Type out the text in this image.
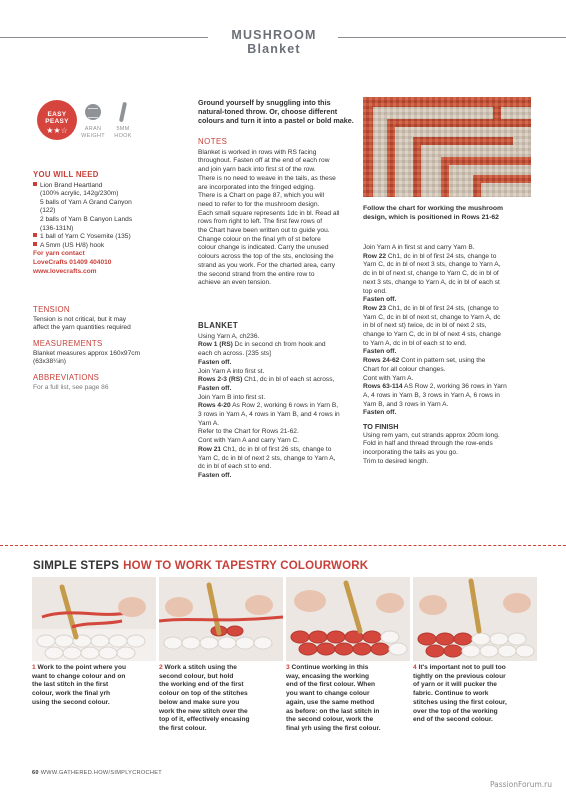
MUSHROOM Blanket
EASY PEASY
★★☆	ARAN
WEIGHT
5MM
HOOK
YOU WILL NEED
Lion Brand Heartland
(100% acrylic, 142g/230m)
5 balls of Yarn A Grand Canyon
(122)
2 balls of Yarn B Canyon Lands
(136-131N)
1 ball of Yarn C Yosemite (135)
A 5mm (US H/8) hook
For yarn contact
LoveCrafts 01409 404010
www.lovecrafts.com
TENSION
Tension is not critical, but it may
affect the yarn quantities required
MEASUREMENTS
Blanket measures approx 160x97cm
(63x38¼in)
ABBREVIATIONS
For a full list, see page 86
Ground yourself by snuggling into this
natural-toned throw. Or, choose different
colours and turn it into a pastel or bold make.
NOTES
Blanket is worked in rows with RS facing
throughout. Fasten off at the end of each row
and join yarn back into first st of the row.
There is no need to weave in the tails, as these
are incorporated into the fringed edging.
There is a Chart on page 87, which you will
need to refer to for the mushroom design.
Each small square represents 1dc in bl. Read all
rows from right to left. The first few rows of
the Chart have been written out to guide you.
Change colour on the final yrh of st before
colour change is indicated. Carry the unused
colours across the top of the sts, enclosing the
strand as you work. For the charted area, carry
the second strand from the entire row to
achieve an even tension.
BLANKET
Using Yarn A, ch236.
Row 1 (RS) Dc in second ch from hook and
each ch across. [235 sts]
Fasten off.
Join Yarn A into first st.
Rows 2-3 (RS) Ch1, dc in bl of each st across,
Fasten off.
Join Yarn B into first st.
Rows 4-20 As Row 2, working 6 rows in Yarn B,
3 rows in Yarn A, 4 rows in Yarn B, and 4 rows in
Yarn A.
Refer to the Chart for Rows 21-62.
Cont with Yarn A and carry Yarn C.
Row 21 Ch1, dc in bl of first 26 sts, change to
Yarn C, dc in bl of next 2 sts, change to Yarn A,
dc in bl of each st to end.
Fasten off.
Follow the chart for working the mushroom
design, which is positioned in Rows 21-62
Join Yarn A in first st and carry Yarn B.
Row 22 Ch1, dc in bl of first 24 sts, change to
Yarn C, dc in bl of next 3 sts, change to Yarn A,
dc in bl of next st, change to Yarn C, dc in bl of
next 3 sts, change to Yarn A, dc in bl of each st
top end.
Fasten off.
Row 23 Ch1, dc in bl of first 24 sts, (change to
Yarn C, dc in bl of next st, change to Yarn A, dc
in bl of next st) twice, dc in bl of next 2 sts,
change to Yarn C, dc in bl of next 4 sts, change
to Yarn A, dc in bl of each st to end.
Fasten off.
Rows 24-62 Cont in pattern set, using the
Chart for all colour changes.
Cont with Yarn A.
Rows 63-114 AS Row 2, working 36 rows in Yarn
A, 4 rows in Yarn B, 3 rows in Yarn A, 6 rows in
Yarn B, and 3 rows in Yarn A.
Fasten off.
TO FINISH
Using rem yarn, cut strands approx 20cm long.
Fold in half and thread through the row-ends
incorporating the tails as you go.
Trim to desired length.
SIMPLE STEPS HOW TO WORK TAPESTRY COLOURWORK
1 Work to the point where you
want to change colour and on
the last stitch in the first
colour, work the final yrh
using the second colour.
2 Work a stitch using the
second colour, but hold
the working end of the first
colour on top of the stitches
below and make sure you
work the new stitch over the
top of it, effectively encasing
the first colour.
3 Continue working in this
way, encasing the working
end of the first colour. When
you want to change colour
again, use the same method
as before: on the last stitch in
the second colour, work the
final yrh using the first colour.
4 It's important not to pull too
tightly on the previous colour
of yarn or it will pucker the
fabric. Continue to work
stitches using the first colour,
over the top of the working
end of the second colour.
60 WWW.GATHERED.HOW/SIMPLYCROCHET
PassionForum.ru
